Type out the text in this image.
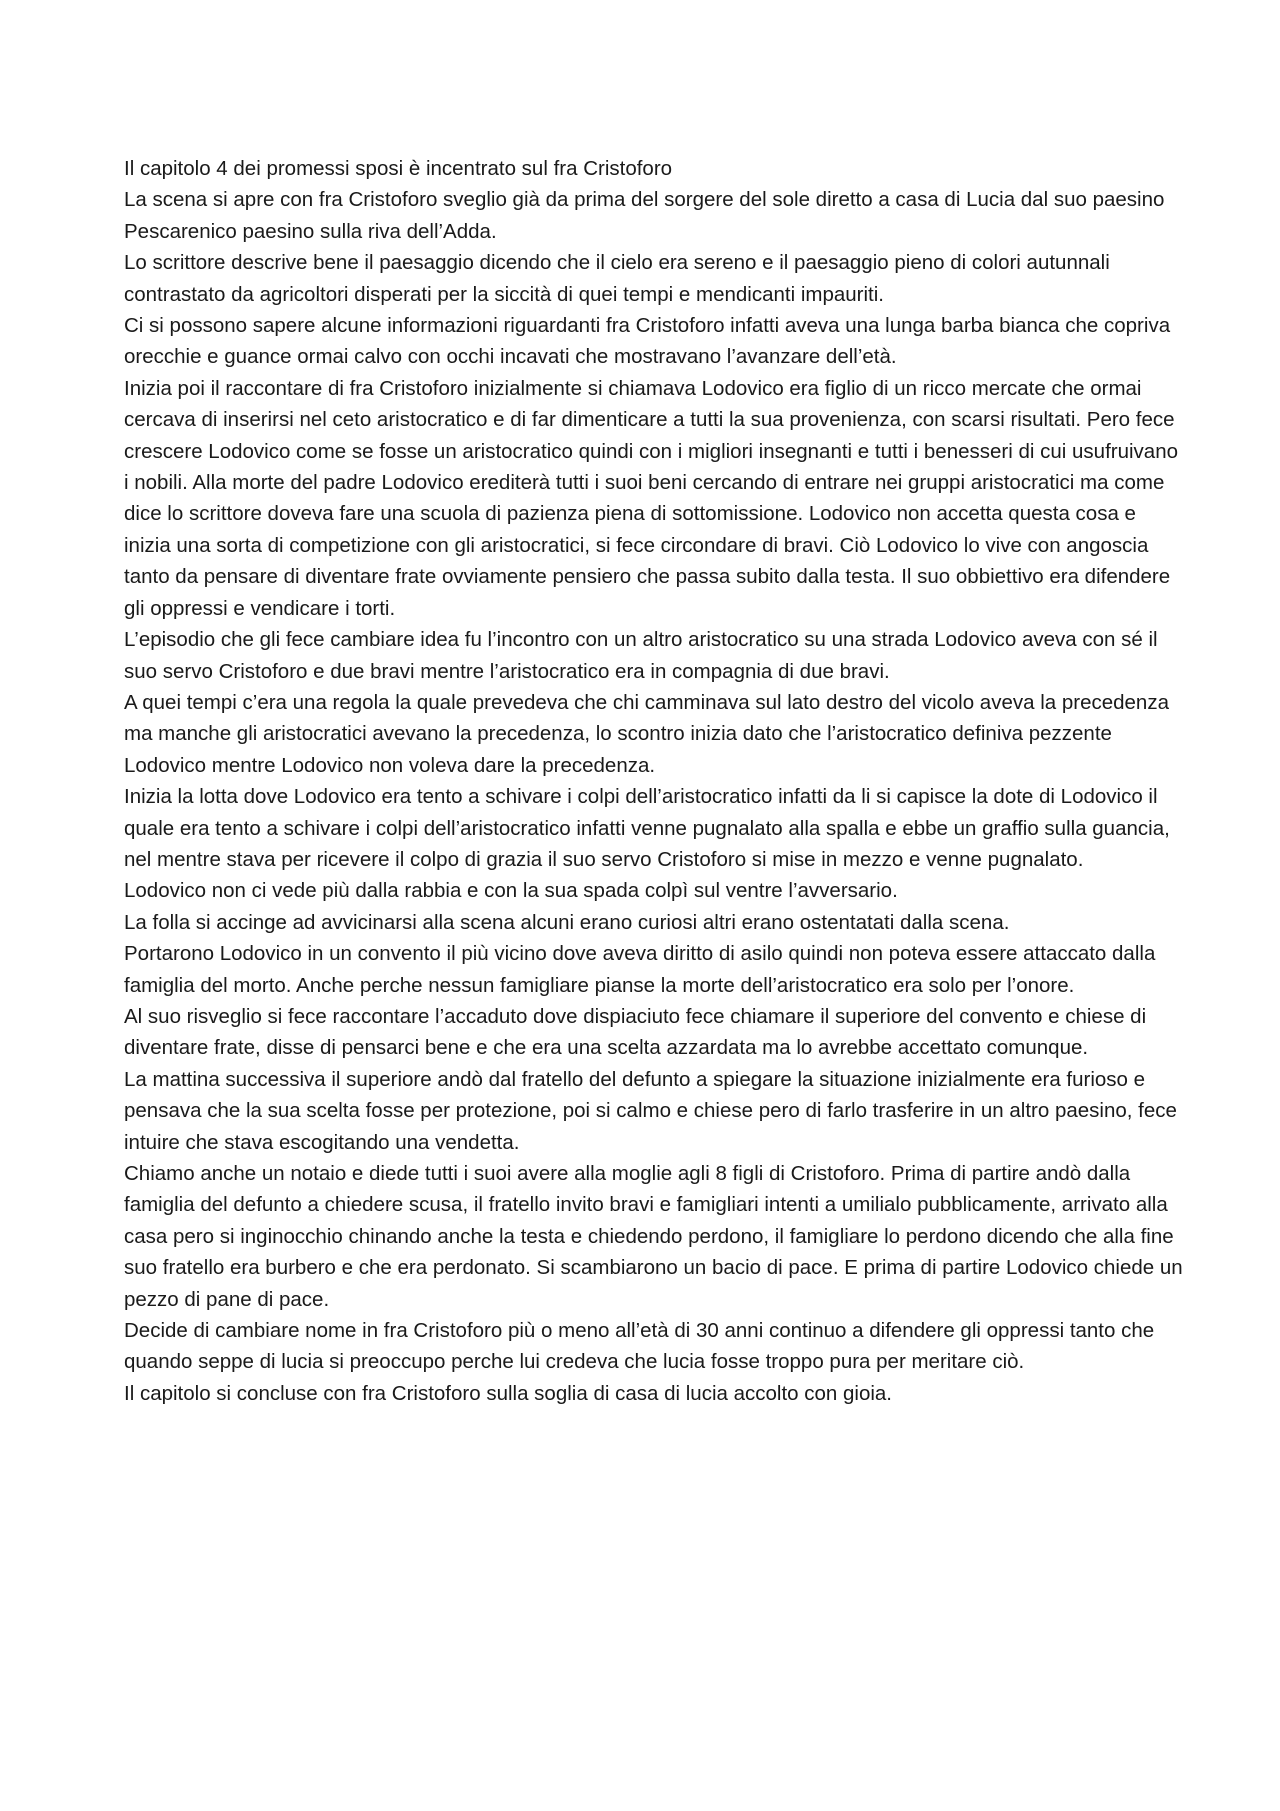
Il capitolo 4 dei promessi sposi è incentrato sul fra Cristoforo

La scena si apre con fra Cristoforo sveglio già da prima del sorgere del sole diretto a casa di Lucia dal suo paesino Pescarenico paesino sulla riva dell’Adda.

Lo scrittore descrive bene il paesaggio dicendo che il cielo era sereno e il paesaggio pieno di colori autunnali contrastato da agricoltori disperati per la siccità di quei tempi e mendicanti impauriti.

Ci si possono sapere alcune informazioni riguardanti fra Cristoforo infatti aveva una lunga barba bianca che copriva orecchie e guance ormai calvo con occhi incavati che mostravano l’avanzare dell’età.

Inizia poi il raccontare di fra Cristoforo inizialmente si chiamava Lodovico era figlio di un ricco mercate che ormai cercava di inserirsi nel ceto aristocratico e di far dimenticare a tutti la sua provenienza, con scarsi risultati. Pero fece crescere Lodovico come se fosse un aristocratico quindi con i migliori insegnanti e tutti i benesseri di cui usufruivano i nobili. Alla morte del padre Lodovico erediterà tutti i suoi beni cercando di entrare nei gruppi aristocratici ma come dice lo scrittore doveva fare una scuola di pazienza piena di sottomissione. Lodovico non accetta questa cosa e inizia una sorta di competizione con gli aristocratici, si fece circondare di bravi. Ciò Lodovico lo vive con angoscia tanto da pensare di diventare frate ovviamente pensiero che passa subito dalla testa. Il suo obbiettivo era difendere gli oppressi e vendicare i torti.

L’episodio che gli fece cambiare idea fu l’incontro con un altro aristocratico su una strada Lodovico aveva con sé il suo servo Cristoforo e due bravi mentre l’aristocratico era in compagnia di due bravi.

A quei tempi c’era una regola la quale prevedeva che chi camminava sul lato destro del vicolo aveva la precedenza ma manche gli aristocratici avevano la precedenza, lo scontro inizia dato che l’aristocratico definiva pezzente Lodovico mentre Lodovico non voleva dare la precedenza.

Inizia la lotta dove Lodovico era tento a schivare i colpi dell’aristocratico infatti da li si capisce la dote di Lodovico il quale era tento a schivare i colpi dell’aristocratico infatti venne pugnalato alla spalla e ebbe un graffio sulla guancia, nel mentre stava per ricevere il colpo di grazia il suo servo Cristoforo si mise in mezzo e venne pugnalato.

Lodovico non ci vede più dalla rabbia e con la sua spada colpì sul ventre l’avversario.

La folla si accinge ad avvicinarsi alla scena alcuni erano curiosi altri erano ostentatati dalla scena.

Portarono Lodovico in un convento il più vicino dove aveva diritto di asilo quindi non poteva essere attaccato dalla famiglia del morto. Anche perche nessun famigliare pianse la morte dell’aristocratico era solo per l’onore.

Al suo risveglio si fece raccontare l’accaduto dove dispiaciuto fece chiamare il superiore del convento e chiese di diventare frate, disse di pensarci bene e che era una scelta azzardata ma lo avrebbe accettato comunque.

La mattina successiva il superiore andò dal fratello del defunto a spiegare la situazione inizialmente era furioso e pensava che la sua scelta fosse per protezione, poi si calmo e chiese pero di farlo trasferire in un altro paesino, fece intuire che stava escogitando una vendetta.

Chiamo anche un notaio e diede tutti i suoi avere alla moglie agli 8 figli di Cristoforo. Prima di partire andò dalla famiglia del defunto a chiedere scusa, il fratello invito bravi e famigliari intenti a umilialo pubblicamente, arrivato alla casa pero si inginocchio chinando anche la testa e chiedendo perdono, il famigliare lo perdono dicendo che alla fine suo fratello era burbero e che era perdonato. Si scambiarono un bacio di pace. E prima di partire Lodovico chiede un pezzo di pane di pace.

Decide di cambiare nome in fra Cristoforo più o meno all’età di 30 anni continuo a difendere gli oppressi tanto che quando seppe di lucia si preoccupo perche lui credeva che lucia fosse troppo pura per meritare ciò.

Il capitolo si concluse con fra Cristoforo sulla soglia di casa di lucia accolto con gioia.
